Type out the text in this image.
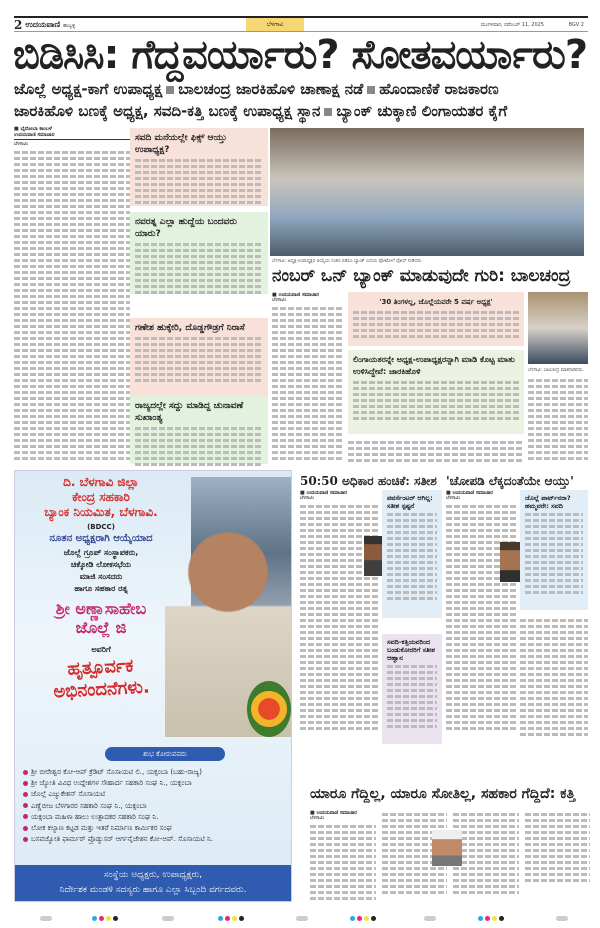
2 ಉದಯವಾಣಿ ಹುಬ್ಬಳ್ಳಿ	ಬೆಳಗಾವಿ	ಮಂಗಳವಾರ, ನವೆಂಬರ್ 11, 2025	BGV 2
ಬಿಡಿಸಿಸಿ: ಗೆದ್ದವರ್ಯಾರು? ಸೋತವರ್ಯಾರು?
ಜೊಲ್ಲೆ ಅಧ್ಯಕ್ಷ-ಕಾಗೆ ಉಪಾಧ್ಯಕ್ಷ ಬಾಲಚಂದ್ರ ಜಾರಕಿಹೊಳಿ ಚಾಣಾಕ್ಷ ನಡೆ ಹೊಂದಾಣಿಕೆ ರಾಜಕಾರಣ
ಜಾರಕಿಹೊಳಿ ಬಣಕ್ಕೆ ಅಧ್ಯಕ್ಷ, ಸವದಿ-ಕತ್ತಿ ಬಣಕ್ಕೆ ಉಪಾಧ್ಯಕ್ಷ ಸ್ಥಾನ ಬ್ಯಾಂಕ್ ಚುಕ್ಕಾಣಿ ಲಿಂಗಾಯತರ ಕೈಗೆ
■ ಭೈರೋಬಾ ಕಾಂಬಳೆ
ಉದಯವಾಣಿ ಸಮಾಚಾರ
ಬೆಳಗಾವಿ:
ಸವದಿ ಮನೆಯಲ್ಲೇ ಫಿಕ್ಸ್ ಆಯ್ತು ಉಪಾಧ್ಯಕ್ಷ?
ನವರತ್ನ ಎಲ್ಲಾ ಹುದ್ದೆಯ ಬಂದವರು ಯಾರು?
ಗಣೇಶ ಹುಕ್ಕೇರಿ, ದೊಡ್ಡಗೌಡ್ರಗೆ ನಿರಾಸೆ
ರಾಜ್ಯದಲ್ಲೇ ಸದ್ದು ಮಾಡಿದ್ದ ಚುನಾವಣೆ ಸುಖಾಂತ್ಯ
ಬೆಳಗಾವಿ: ಅಧ್ಯಕ್ಷ-ಉಪಾಧ್ಯಕ್ಷರ ಆಯ್ಕೆಯ ನಂತರ ಬಿಡಿಸಿಸಿ ಬ್ಯಾಂಕ್ ಎದುರು ಫೋಟೋಗೆ ಪೋಸ್ ನೀಡಿದರು.
ನಂಬರ್ ಒನ್ ಬ್ಯಾಂಕ್ ಮಾಡುವುದೇ ಗುರಿ: ಬಾಲಚಂದ್ರ
■ ಉದಯವಾಣಿ ಸಮಾಚಾರ
ಬೆಳಗಾವಿ:	'30 ತಿಂಗಳಲ್ಲ, ಜೊಲ್ಲೆಯವರೇ 5 ವರ್ಷ ಅಧ್ಯಕ್ಷ'
ಲಿಂಗಾಯತರನ್ನೇ ಅಧ್ಯಕ್ಷ-ಉಪಾಧ್ಯಕ್ಷರನ್ನಾಗಿ ಮಾಡಿ ಕೊಟ್ಟ ಮಾತು ಉಳಿಸಿದ್ದೇವೆ: ಜಾರಕಿಹೊಳಿ	ಬೆಳಗಾವಿ: ಬಾಲಚಂದ್ರ ಮಾತನಾಡಿದರು.
ದಿ. ಬೆಳಗಾವಿ ಜಿಲ್ಲಾ
ಕೇಂದ್ರ ಸಹಕಾರಿ
ಬ್ಯಾಂಕ ನಿಯಮಿತ, ಬೆಳಗಾವಿ.
(BDCC)
ನೂತನ ಅಧ್ಯಕ್ಷರಾಗಿ ಆಯ್ಕೆಯಾದ
ಜೊಲ್ಲೆ ಗ್ರೂಪ್ ಸಂಸ್ಥಾಪಕರು,
ಚಿಕ್ಕೋಡಿ ಲೋಕಸಭೆಯ
ಮಾಜಿ ಸಂಸದರು
ಹಾಗೂ ಸಹಕಾರ ರತ್ನ
ಶ್ರೀ ಅಣ್ಣಾಸಾಹೇಬ
ಜೊಲ್ಲೆ ಜಿ
ಅವರಿಗೆ
ಹೃತ್ಪೂರ್ವಕ
ಅಭಿನಂದನೆಗಳು.
ಶುಭ ಕೋರುವವರು
ಶ್ರೀ ಬೀರೇಶ್ವರ ಕೋ-ಆಪ್ ಕ್ರೆಡಿಟ್ ಸೊಸಾಯಟಿ ಲಿ., ಯಕ್ಸಂಬಾ (ಬಹು-ರಾಜ್ಯ)
ಶ್ರೀ ಜ್ಯೋತಿ ವಿವಿಧ ಉದ್ದೇಶಗಳ ಸೌಹಾರ್ದ ಸಹಕಾರಿ ಸಂಘ ನಿ., ಯಕ್ಸಂಬಾ
ಜೊಲ್ಲೆ ಎಜ್ಯುಕೇಶನ್ ಸೊಸಾಯಟಿ
ಎಣ್ಣೆಬೀಜ ಬೆಳಗಾರರ ಸಹಕಾರಿ ಸಂಘ ನಿ., ಯಕ್ಸಂಬಾ
ಯಕ್ಸಂಬಾ ಮಹಿಳಾ ಹಾಲು ಉತ್ಪಾದಕರ ಸಹಕಾರಿ ಸಂಘ ನಿ.
ಲೋಕ ಕಲ್ಯಾಣ ಕಟ್ಟಡ ಮತ್ತು ಇತರೆ ನಿರ್ಮಾಣ ಕಾರ್ಮಿಕರ ಸಂಘ
ಬಸವಜ್ಯೋತಿ ಫಾರ್ಮರ್ ಪ್ರೊಡ್ಯುಸರ್ ಆರ್ಗನೈಜೇಶನ ಕೋ-ಆಪ್. ಸೊಸಾಯಟಿ ನಿ.
ಸಂಸ್ಥೆಯ ಅಧ್ಯಕ್ಷರು, ಉಪಾಧ್ಯಕ್ಷರು,
ನಿರ್ದೇಶಕ ಮಂಡಳಿ ಸದಸ್ಯರು ಹಾಗೂ ಎಲ್ಲಾ ಸಿಬ್ಬಂದಿ ವರ್ಗದವರು.
50:50 ಅಧಿಕಾರ ಹಂಚಿಕೆ: ಸತೀಶ 'ಚೋಪಡಿ ಲೆಕ್ಕದಂತೆಯೇ ಆಯ್ತು'
■ ಉದಯವಾಣಿ ಸಮಾಚಾರ
ಬೆಳಗಾವಿ:	ಪವರ್ಸೆಂಟರ್ ಆಗಿಲ್ಲ: ಸತೀಶ ಸ್ಪಷ್ಟನೆ
ಸವದಿ-ಕತ್ತಿಯವರಿಂದ ಬಂಡುಕೋರರಿಗೆ ಸತೀಶ ಆಹ್ವಾನ
■ ಉದಯವಾಣಿ ಸಮಾಚಾರ
ಬೆಳಗಾವಿ:	ಜೊಲ್ಲೆ ಪಾರ್ಟ್‌ನರಾ? ಹಮ್ಮವರೇ: ಸವದಿ
ಯಾರೂ ಗೆದ್ದಿಲ್ಲ, ಯಾರೂ ಸೋತಿಲ್ಲ, ಸಹಕಾರ ಗೆದ್ದಿದೆ: ಕತ್ತಿ
■ ಉದಯವಾಣಿ ಸಮಾಚಾರ
ಬೆಳಗಾವಿ:
